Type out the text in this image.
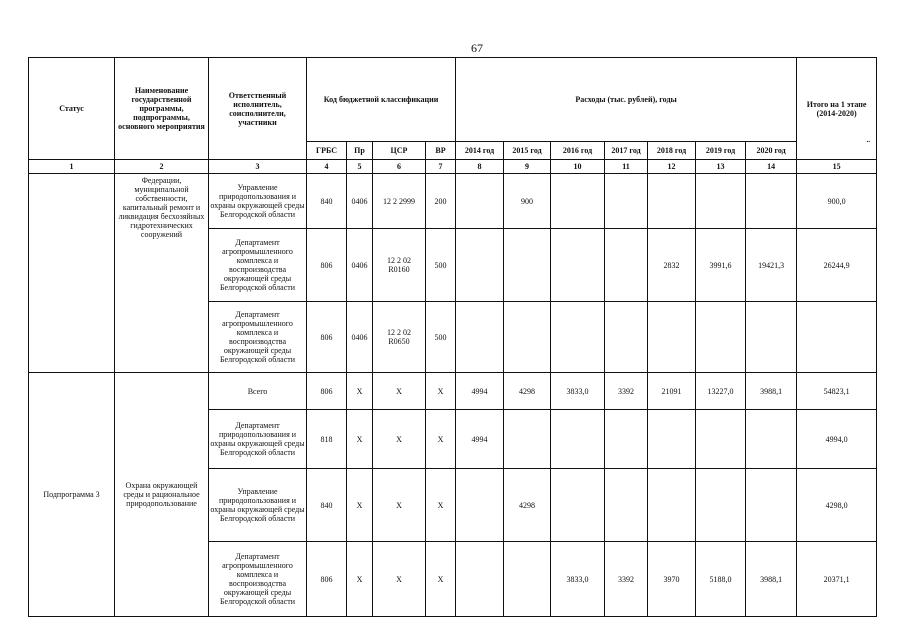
67
Статус	Наименование государственной программы, подпрограммы, основного мероприятия	Ответственный исполнитель, соисполнители, участники	Код бюджетной классификации				Расходы (тыс. рублей), годы							Итого на 1 этапе (2014-2020)
..

			ГРБС	Пр	ЦСР	ВР	2014 год	2015 год	2016 год	2017 год	2018 год	2019 год	2020 год	
1	2	3	4	5	6	7	8	9	10	11	12	13	14	15
	Федерации, муниципальной собственности, капитальный ремонт и ликвидация бесхозяйных гидротехнических сооружений	Управление природопользования и охраны окружающей среды Белгородской области	840	0406	12 2 2999	200		900						900,0
		Департамент агропромышленного комплекса и воспроизводства окружающей среды Белгородской области	806	0406	12 2 02
R0160	500					2832	3991,6	19421,3	26244,9
		Департамент агропромышленного комплекса и воспроизводства окружающей среды Белгородской области	806	0406	12 2 02
R0650	500								
Подпрограмма 3	Охрана окружающей среды и рациональное природопользование	Всего	806	X	X	X	4994	4298	3833,0	3392	21091	13227,0	3988,1	54823,1
		Департамент природопользования и охраны окружающей среды Белгородской области	818	X	X	X	4994							4994,0
		Управление природопользования и охраны окружающей среды Белгородской области	840	X	X	X		4298						4298,0
		Департамент агропромышленного комплекса и воспроизводства окружающей среды Белгородской области	806	X	X	X			3833,0	3392	3970	5188,0	3988,1	20371,1
